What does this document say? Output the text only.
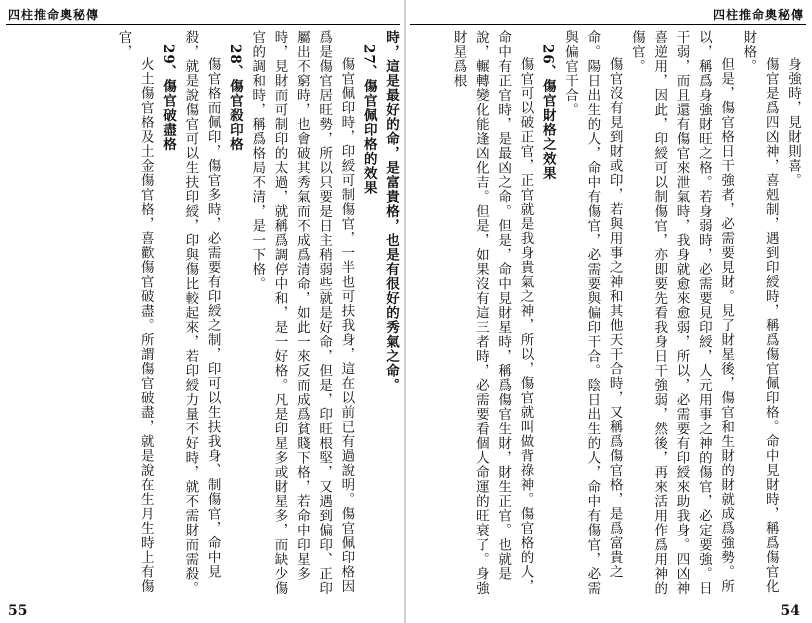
四柱推命奧秘傳

時，這是最好的命，是富貴格，也是有很好的秀氣之命。

27、傷官佩印格的效果

傷官佩印時，印綬可制傷官，一半也可扶我身，這在以前已有過說明。傷官佩印格因爲是傷官居旺勢，所以只要是日主稍弱些就是好命，但是，印旺根堅，又遇到偏印、正印屬出不窮時，也會破其秀氣而不成爲清命，如此一來反而成爲貧賤下格，若命中印星多時，見財而可制印的太過，就稱爲調停中和，是一好格。凡是印星多或財星多，而缺少傷官的調和時，稱爲格局不清，是一下格。

28、傷官殺印格

傷官格而佩印，傷官多時，必需要有印綬之制，印可以生扶我身、制傷官，命中見殺，就是說傷官可以生扶印綬，印與傷比較起來，若印綬力量不好時，就不需財而需殺。

29、傷官破盡格

火土傷官格及土金傷官格，喜歡傷官破盡。所謂傷官破盡，就是說在生月生時上有傷官，

55
四柱推命奧秘傳

身強時，見財則喜。

傷官是爲四凶神，喜剋制，遇到印綬時，稱爲傷官佩印格。命中見財時，稱爲傷官化財格。

但是，傷官格日干強者，必需要見財。見了財星後，傷官和生財的財就成爲強勢。所以，稱爲身強財旺之格。若身弱時，必需要見印綬，人元用事之神的傷官，必定要強。日干弱，而且還有傷官來泄氣時，我身就愈來愈弱，所以，必需要有印綬來助我身。四凶神喜逆用，因此，印綬可以制傷官，亦即要先看我身日干強弱，然後，再來活用作爲用神的傷官。

傷官沒有見到財或印，若與用事之神和其他天干合時，又稱爲傷官格，是爲富貴之命。陽日出生的人，命中有傷官，必需要與偏印干合。陰日出生的人，命中有傷官，必需與偏官干合。

26、傷官財格之效果

傷官可以破正官，正官就是我身貴氣之神，所以，傷官就叫做背祿神。傷官格的人，命中有正官時，是最凶之命。但是，命中見財星時，稱爲傷官生財，財生正官。也就是說，輾轉變化能逢凶化吉。但是，如果沒有這三者時，必需要看個人命運的旺衰了。身強財星爲根

54
